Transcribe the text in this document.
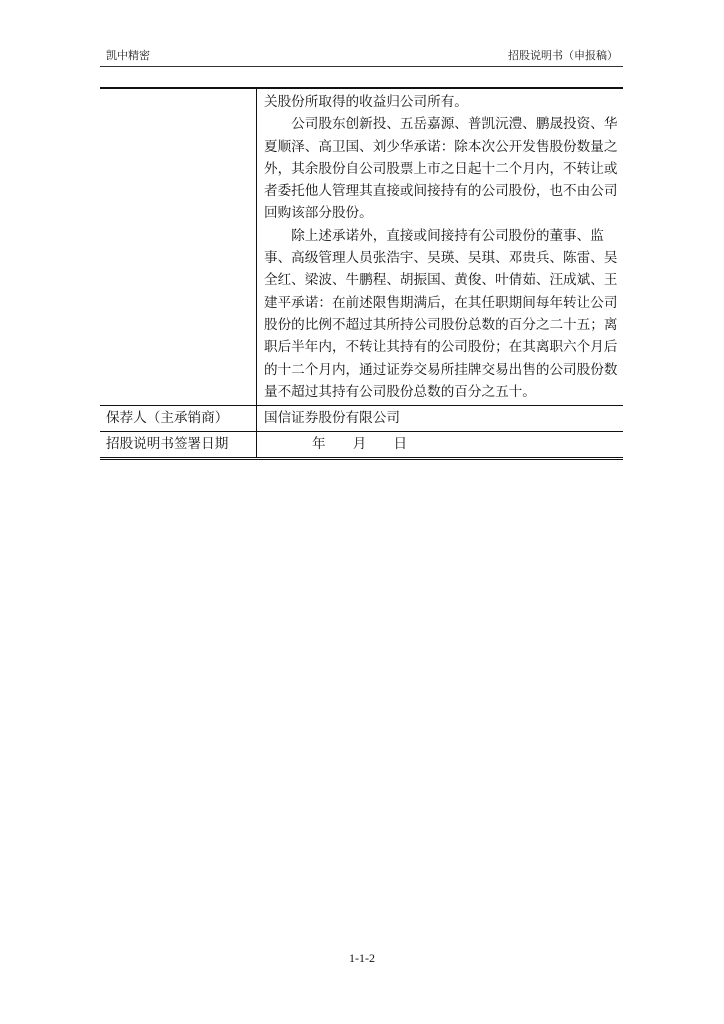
凯中精密	招股说明书（申报稿）

关股份所取得的收益归公司所有。

公司股东创新投、五岳嘉源、普凯沅澧、鹏晟投资、华夏顺泽、高卫国、刘少华承诺：除本次公开发售股份数量之外，其余股份自公司股票上市之日起十二个月内，不转让或者委托他人管理其直接或间接持有的公司股份，也不由公司回购该部分股份。

除上述承诺外，直接或间接持有公司股份的董事、监事、高级管理人员张浩宇、吴瑛、吴琪、邓贵兵、陈雷、吴全红、梁波、牛鹏程、胡振国、黄俊、叶倩茹、汪成斌、王建平承诺：在前述限售期满后，在其任职期间每年转让公司股份的比例不超过其所持公司股份总数的百分之二十五；离职后半年内，不转让其持有的公司股份；在其离职六个月后的十二个月内，通过证券交易所挂牌交易出售的公司股份数量不超过其持有公司股份总数的百分之五十。

保荐人（主承销商）	国信证券股份有限公司
招股说明书签署日期	年　　月　　日
1-1-2
